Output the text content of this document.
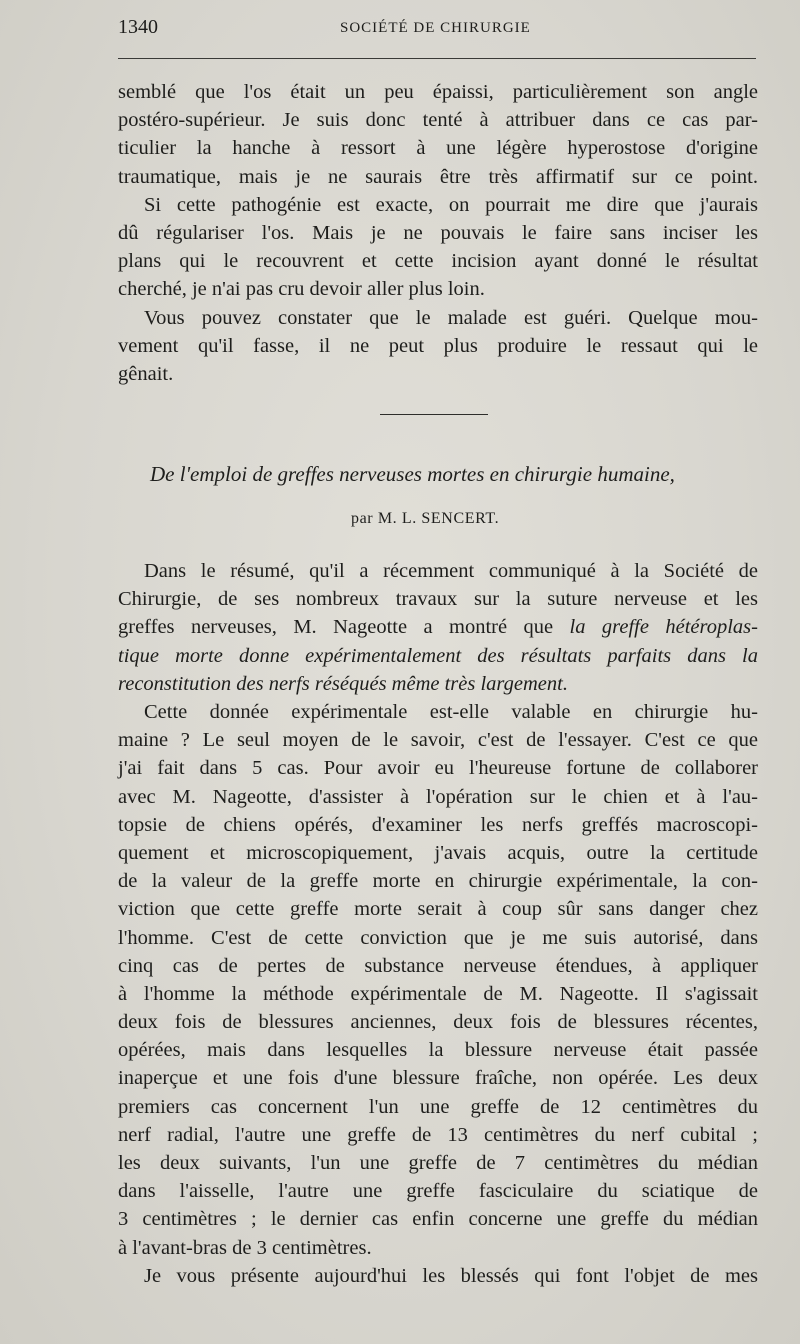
1340	SOCIÉTÉ DE CHIRURGIE
semblé que l'os était un peu épaissi, particulièrement son angle
postéro-supérieur. Je suis donc tenté à attribuer dans ce cas par-
ticulier la hanche à ressort à une légère hyperostose d'origine
traumatique, mais je ne saurais être très affirmatif sur ce point.
Si cette pathogénie est exacte, on pourrait me dire que j'aurais
dû régulariser l'os. Mais je ne pouvais le faire sans inciser les
plans qui le recouvrent et cette incision ayant donné le résultat
cherché, je n'ai pas cru devoir aller plus loin.
Vous pouvez constater que le malade est guéri. Quelque mou-
vement qu'il fasse, il ne peut plus produire le ressaut qui le
gênait.
De l'emploi de greffes nerveuses mortes en chirurgie humaine,
par M. L. SENCERT.
Dans le résumé, qu'il a récemment communiqué à la Société de
Chirurgie, de ses nombreux travaux sur la suture nerveuse et les
greffes nerveuses, M. Nageotte a montré que la greffe hétéroplas-
tique morte donne expérimentalement des résultats parfaits dans la
reconstitution des nerfs réséqués même très largement.
Cette donnée expérimentale est-elle valable en chirurgie hu-
maine ? Le seul moyen de le savoir, c'est de l'essayer. C'est ce que
j'ai fait dans 5 cas. Pour avoir eu l'heureuse fortune de collaborer
avec M. Nageotte, d'assister à l'opération sur le chien et à l'au-
topsie de chiens opérés, d'examiner les nerfs greffés macroscopi-
quement et microscopiquement, j'avais acquis, outre la certitude
de la valeur de la greffe morte en chirurgie expérimentale, la con-
viction que cette greffe morte serait à coup sûr sans danger chez
l'homme. C'est de cette conviction que je me suis autorisé, dans
cinq cas de pertes de substance nerveuse étendues, à appliquer
à l'homme la méthode expérimentale de M. Nageotte. Il s'agissait
deux fois de blessures anciennes, deux fois de blessures récentes,
opérées, mais dans lesquelles la blessure nerveuse était passée
inaperçue et une fois d'une blessure fraîche, non opérée. Les deux
premiers cas concernent l'un une greffe de 12 centimètres du
nerf radial, l'autre une greffe de 13 centimètres du nerf cubital ;
les deux suivants, l'un une greffe de 7 centimètres du médian
dans l'aisselle, l'autre une greffe fasciculaire du sciatique de
3 centimètres ; le dernier cas enfin concerne une greffe du médian
à l'avant-bras de 3 centimètres.
Je vous présente aujourd'hui les blessés qui font l'objet de mes
